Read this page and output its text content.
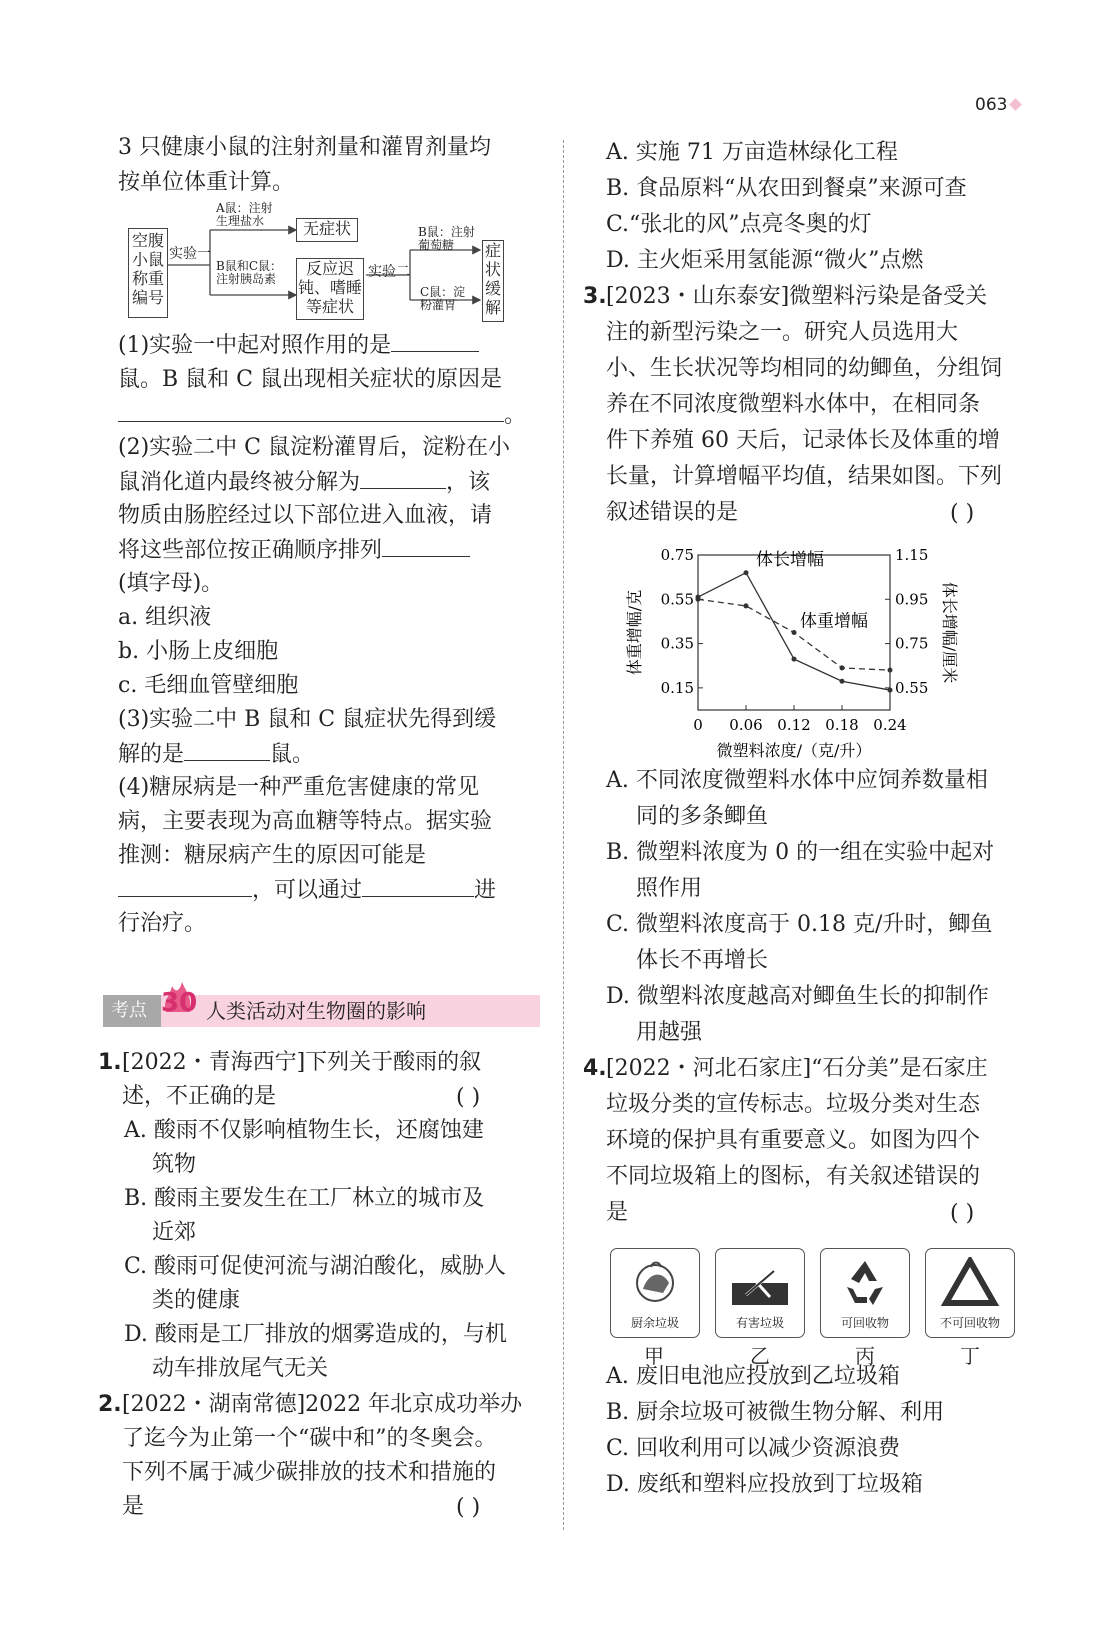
063
3 只健康小鼠的注射剂量和灌胃剂量均
按单位体重计算。
空腹小鼠称重编号
实验一
A鼠：注射生理盐水	无症状
B鼠和C鼠：注射胰岛素
反应迟钝、嗜睡等症状
实验二
B鼠：注射葡萄糖
C鼠：淀粉灌胃
症状缓解
(1)实验一中起对照作用的是
鼠。B 鼠和 C 鼠出现相关症状的原因是
。
(2)实验二中 C 鼠淀粉灌胃后，淀粉在小
鼠消化道内最终被分解为	，该
物质由肠腔经过以下部位进入血液，请
将这些部位按正确顺序排列
(填字母)。
a. 组织液
b. 小肠上皮细胞
c. 毛细血管壁细胞
(3)实验二中 B 鼠和 C 鼠症状先得到缓
解的是	鼠。
(4)糖尿病是一种严重危害健康的常见
病，主要表现为高血糖等特点。据实验
推测：糖尿病产生的原因可能是
，可以通过	进
行治疗。
考点 30 人类活动对生物圈的影响
1. [2022・青海西宁]下列关于酸雨的叙
述，不正确的是	( )
A. 酸雨不仅影响植物生长，还腐蚀建
筑物
B. 酸雨主要发生在工厂林立的城市及
近郊
C. 酸雨可促使河流与湖泊酸化，威胁人
类的健康
D. 酸雨是工厂排放的烟雾造成的，与机
动车排放尾气无关
2. [2022・湖南常德]2022 年北京成功举办
了迄今为止第一个“碳中和”的冬奥会。
下列不属于减少碳排放的技术和措施的
是	( )
A. 实施 71 万亩造林绿化工程
B. 食品原料“从农田到餐桌”来源可查
C.“张北的风”点亮冬奥的灯
D. 主火炬采用氢能源“微火”点燃
3. [2023・山东泰安]微塑料污染是备受关
注的新型污染之一。研究人员选用大
小、生长状况等均相同的幼鲫鱼，分组饲
养在不同浓度微塑料水体中，在相同条
件下养殖 60 天后，记录体长及体重的增
长量，计算增幅平均值，结果如图。下列
叙述错误的是	( )
0 0.06 0.12 0.18 0.24
0.75
0.55
0.35
0.15
1.15
0.95
0.75
0.55
微塑料浓度/（克/升）
体重增幅/克	体长增幅/厘米
体长增幅
体重增幅
A. 不同浓度微塑料水体中应饲养数量相
同的多条鲫鱼
B. 微塑料浓度为 0 的一组在实验中起对
照作用
C. 微塑料浓度高于 0.18 克/升时，鲫鱼
体长不再增长
D. 微塑料浓度越高对鲫鱼生长的抑制作
用越强
4. [2022・河北石家庄]“石分美”是石家庄
垃圾分类的宣传标志。垃圾分类对生态
环境的保护具有重要意义。如图为四个
不同垃圾箱上的图标，有关叙述错误的
是	( )
厨余垃圾	有害垃圾	可回收物	不可回收物
甲	乙	丙	丁
A. 废旧电池应投放到乙垃圾箱
B. 厨余垃圾可被微生物分解、利用
C. 回收利用可以减少资源浪费
D. 废纸和塑料应投放到丁垃圾箱
